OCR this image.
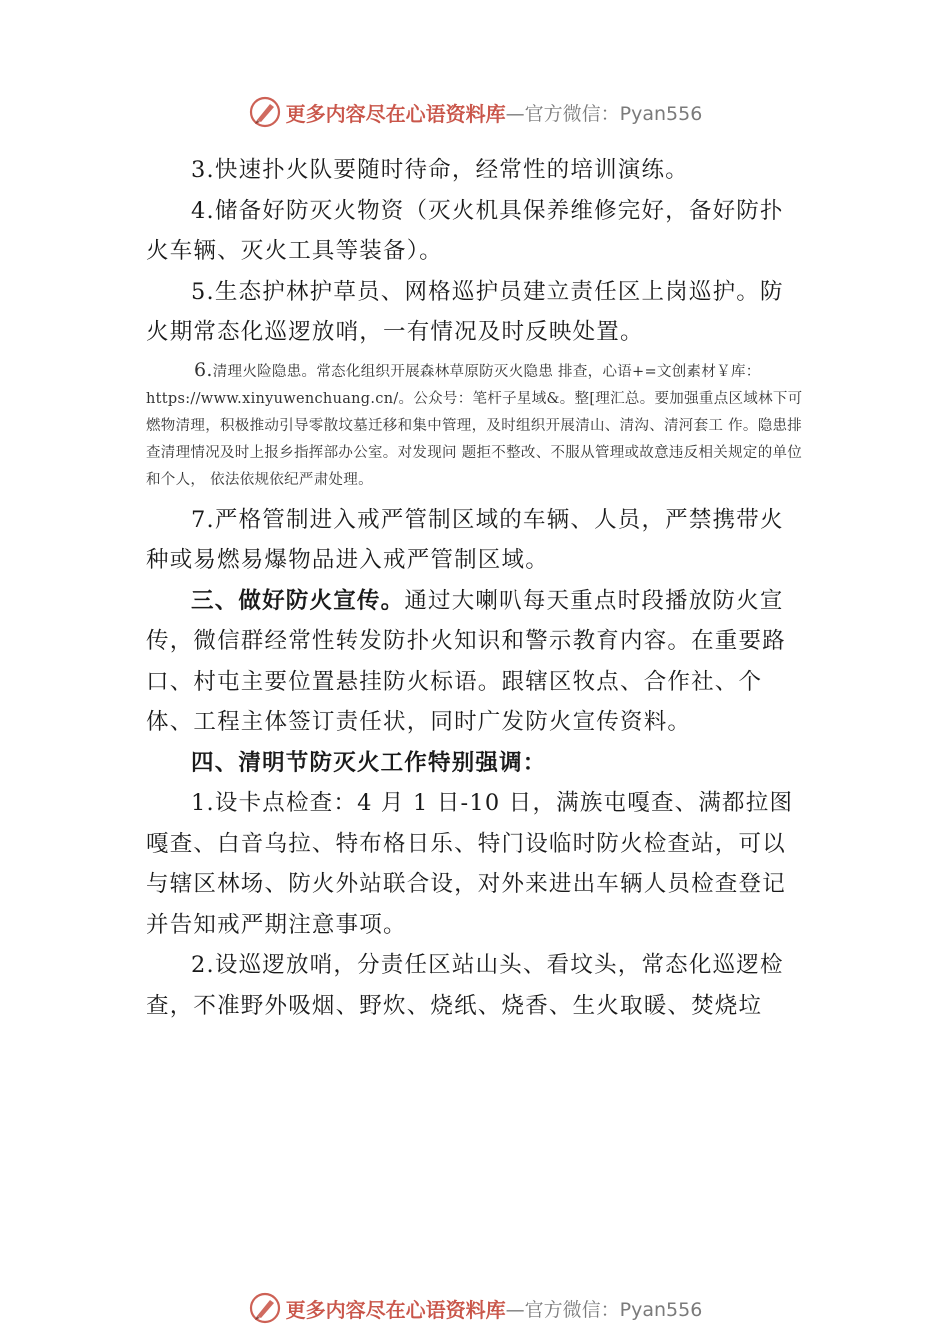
更多内容尽在心语资料库 —官方微信：Pyan556

3.快速扑火队要随时待命，经常性的培训演练。

4.储备好防灭火物资（灭火机具保养维修完好，备好防扑火车辆、灭火工具等装备）。

5.生态护林护草员、网格巡护员建立责任区上岗巡护。防火期常态化巡逻放哨，一有情况及时反映处置。

6.清理火险隐患。常态化组织开展森林草原防灭火隐患 排查，心语+=文创素材￥库：https://www.xinyuwenchuang.cn/。公众号：笔杆子星域&。整[理汇总。要加强重点区域林下可燃物清理，积极推动引导零散坟墓迁移和集中管理，及时组织开展清山、清沟、清河套工 作。隐患排查清理情况及时上报乡指挥部办公室。对发现问 题拒不整改、不服从管理或故意违反相关规定的单位和个人， 依法依规依纪严肃处理。

7.严格管制进入戒严管制区域的车辆、人员，严禁携带火种或易燃易爆物品进入戒严管制区域。

三、做好防火宣传。通过大喇叭每天重点时段播放防火宣传，微信群经常性转发防扑火知识和警示教育内容。在重要路口、村屯主要位置悬挂防火标语。跟辖区牧点、合作社、个体、工程主体签订责任状，同时广发防火宣传资料。

四、清明节防灭火工作特别强调：

1.设卡点检查：4 月 1 日-10 日，满族屯嘎查、满都拉图嘎查、白音乌拉、特布格日乐、特门设临时防火检查站，可以与辖区林场、防火外站联合设，对外来进出车辆人员检查登记并告知戒严期注意事项。

2.设巡逻放哨，分责任区站山头、看坟头，常态化巡逻检查，不准野外吸烟、野炊、烧纸、烧香、生火取暖、焚烧垃

更多内容尽在心语资料库 —官方微信：Pyan556
